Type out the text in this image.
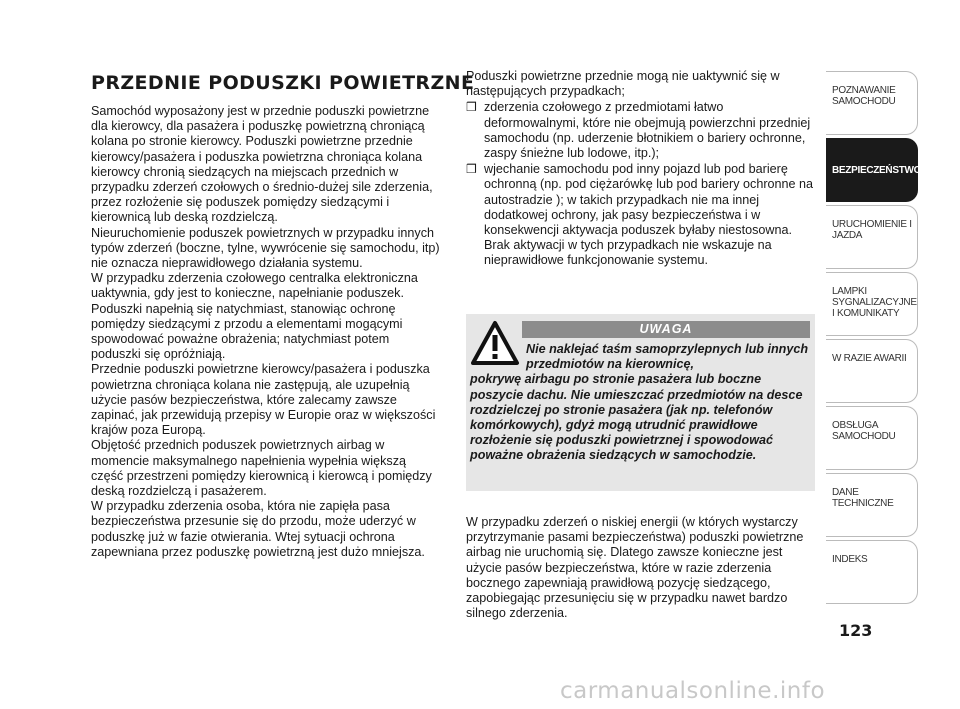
PRZEDNIE PODUSZKI POWIETRZNE

Samochód wyposażony jest w przednie poduszki powietrzne dla kierowcy, dla pasażera i poduszkę powietrzną chroniącą kolana po stronie kierowcy. Poduszki powietrzne przednie kierowcy/pasażera i poduszka powietrzna chroniąca kolana kierowcy chronią siedzących na miejscach przednich w przypadku zderzeń czołowych o średnio-dużej sile zderzenia, przez rozłożenie się poduszek pomiędzy siedzącymi i kierownicą lub deską rozdzielczą.

Nieuruchomienie poduszek powietrznych w przypadku innych typów zderzeń (boczne, tylne, wywrócenie się samochodu, itp) nie oznacza nieprawidłowego działania systemu.

W przypadku zderzenia czołowego centralka elektroniczna uaktywnia, gdy jest to konieczne, napełnianie poduszek. Poduszki napełnią się natychmiast, stanowiąc ochronę pomiędzy siedzącymi z przodu a elementami mogącymi spowodować poważne obrażenia; natychmiast potem poduszki się opróżniają.

Przednie poduszki powietrzne kierowcy/pasażera i poduszka powietrzna chroniąca kolana nie zastępują, ale uzupełnią użycie pasów bezpieczeństwa, które zalecamy zawsze zapinać, jak przewidują przepisy w Europie oraz w większości krajów poza Europą.

Objętość przednich poduszek powietrznych airbag w momencie maksymalnego napełnienia wypełnia większą część przestrzeni pomiędzy kierownicą i kierowcą i pomiędzy deską rozdzielczą i pasażerem.

W przypadku zderzenia osoba, która nie zapięła pasa bezpieczeństwa przesunie się do przodu, może uderzyć w poduszkę już w fazie otwierania. Wtej sytuacji ochrona zapewniana przez poduszkę powietrzną jest dużo mniejsza.

Poduszki powietrzne przednie mogą nie uaktywnić się w następujących przypadkach;

❒ zderzenia czołowego z przedmiotami łatwo deformowalnymi, które nie obejmują powierzchni przedniej samochodu (np. uderzenie błotnikiem o bariery ochronne, zaspy śnieżne lub lodowe, itp.);
❒ wjechanie samochodu pod inny pojazd lub pod barierę ochronną (np. pod ciężarówkę lub pod bariery ochronne na autostradzie ); w takich przypadkach nie ma innej dodatkowej ochrony, jak pasy bezpieczeństwa i w konsekwencji aktywacja poduszek byłaby niestosowna. Brak aktywacji w tych przypadkach nie wskazuje na nieprawidłowe funkcjonowanie systemu.
UWAGA
Nie naklejać taśm samoprzylepnych lub innych przedmiotów na kierownicę,
pokrywę airbagu po stronie pasażera lub boczne poszycie dachu. Nie umieszczać przedmiotów na desce rozdzielczej po stronie pasażera (jak np. telefonów komórkowych), gdyż mogą utrudnić prawidłowe rozłożenie się poduszki powietrznej i spowodować poważne obrażenia siedzących w samochodzie.
W przypadku zderzeń o niskiej energii (w których wystarczy przytrzymanie pasami bezpieczeństwa) poduszki powietrzne airbag nie uruchomią się. Dlatego zawsze konieczne jest użycie pasów bezpieczeństwa, które w razie zderzenia bocznego zapewniają prawidłową pozycję siedzącego, zapobiegając przesunięciu się w przypadku nawet bardzo silnego zderzenia.
POZNAWANIE SAMOCHODU
BEZPIECZEŃSTWO
URUCHOMIENIE I JAZDA
LAMPKI SYGNALIZACYJNE I KOMUNIKATY
W RAZIE AWARII
OBSŁUGA SAMOCHODU
DANE TECHNICZNE
INDEKS
123
carmanualsonline.info
